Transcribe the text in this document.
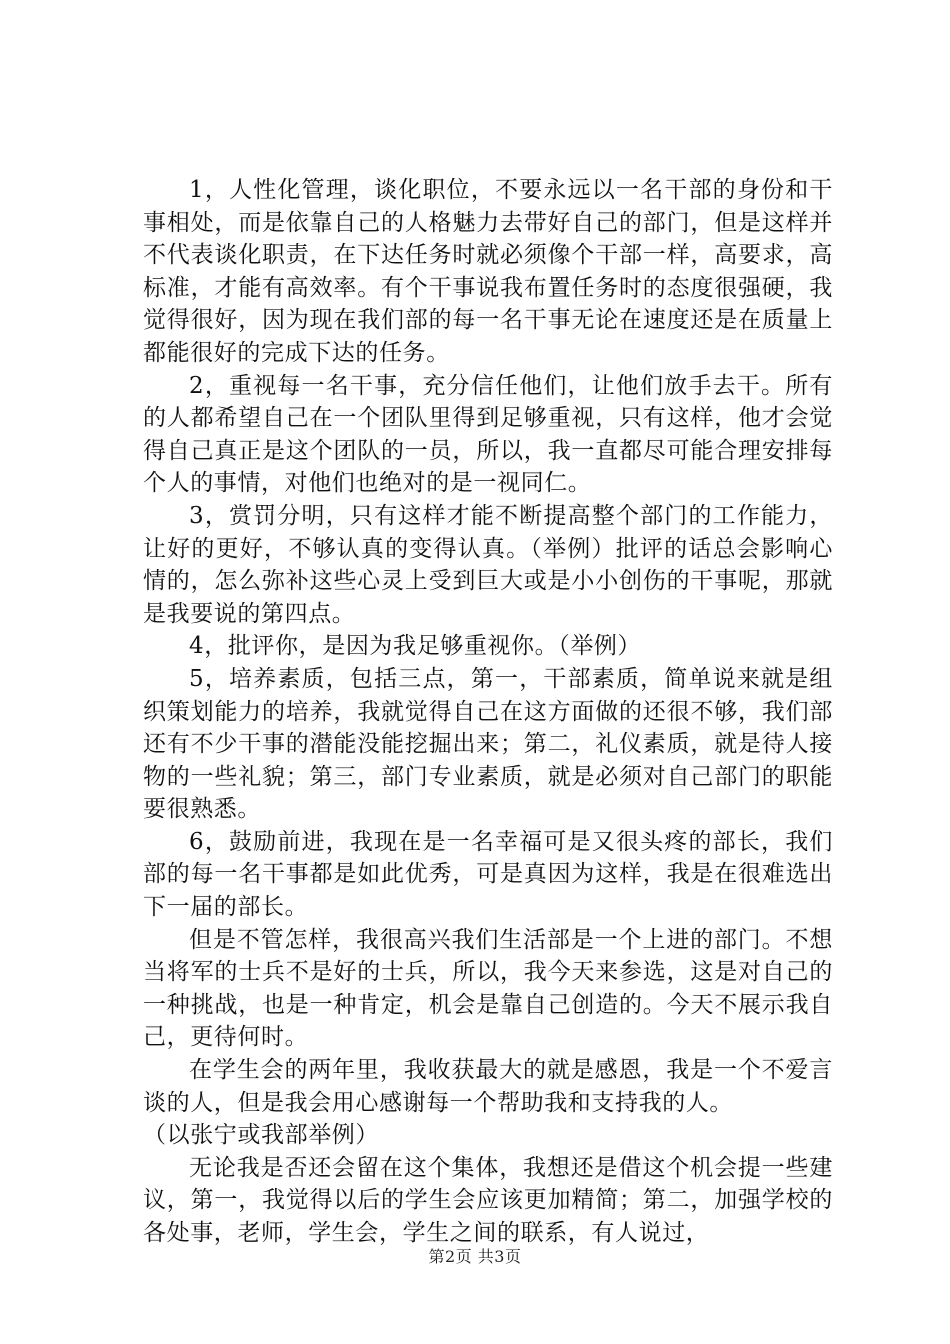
1，人性化管理，谈化职位，不要永远以一名干部的身份和干事相处，而是依靠自己的人格魅力去带好自己的部门，但是这样并不代表谈化职责，在下达任务时就必须像个干部一样，高要求，高标准，才能有高效率。有个干事说我布置任务时的态度很强硬，我觉得很好，因为现在我们部的每一名干事无论在速度还是在质量上都能很好的完成下达的任务。

2，重视每一名干事，充分信任他们，让他们放手去干。所有的人都希望自己在一个团队里得到足够重视，只有这样，他才会觉得自己真正是这个团队的一员，所以，我一直都尽可能合理安排每个人的事情，对他们也绝对的是一视同仁。

3，赏罚分明，只有这样才能不断提高整个部门的工作能力，让好的更好，不够认真的变得认真。（举例）批评的话总会影响心情的，怎么弥补这些心灵上受到巨大或是小小创伤的干事呢，那就是我要说的第四点。

4，批评你，是因为我足够重视你。（举例）

5，培养素质，包括三点，第一，干部素质，简单说来就是组织策划能力的培养，我就觉得自己在这方面做的还很不够，我们部还有不少干事的潜能没能挖掘出来；第二，礼仪素质，就是待人接物的一些礼貌；第三，部门专业素质，就是必须对自己部门的职能要很熟悉。

6，鼓励前进，我现在是一名幸福可是又很头疼的部长，我们部的每一名干事都是如此优秀，可是真因为这样，我是在很难选出下一届的部长。

但是不管怎样，我很高兴我们生活部是一个上进的部门。不想当将军的士兵不是好的士兵，所以，我今天来参选，这是对自己的一种挑战，也是一种肯定，机会是靠自己创造的。今天不展示我自己，更待何时。

在学生会的两年里，我收获最大的就是感恩，我是一个不爱言谈的人，但是我会用心感谢每一个帮助我和支持我的人。

（以张宁或我部举例）

无论我是否还会留在这个集体，我想还是借这个机会提一些建议，第一，我觉得以后的学生会应该更加精简；第二，加强学校的各处事，老师，学生会，学生之间的联系，有人说过，

第2页 共3页
